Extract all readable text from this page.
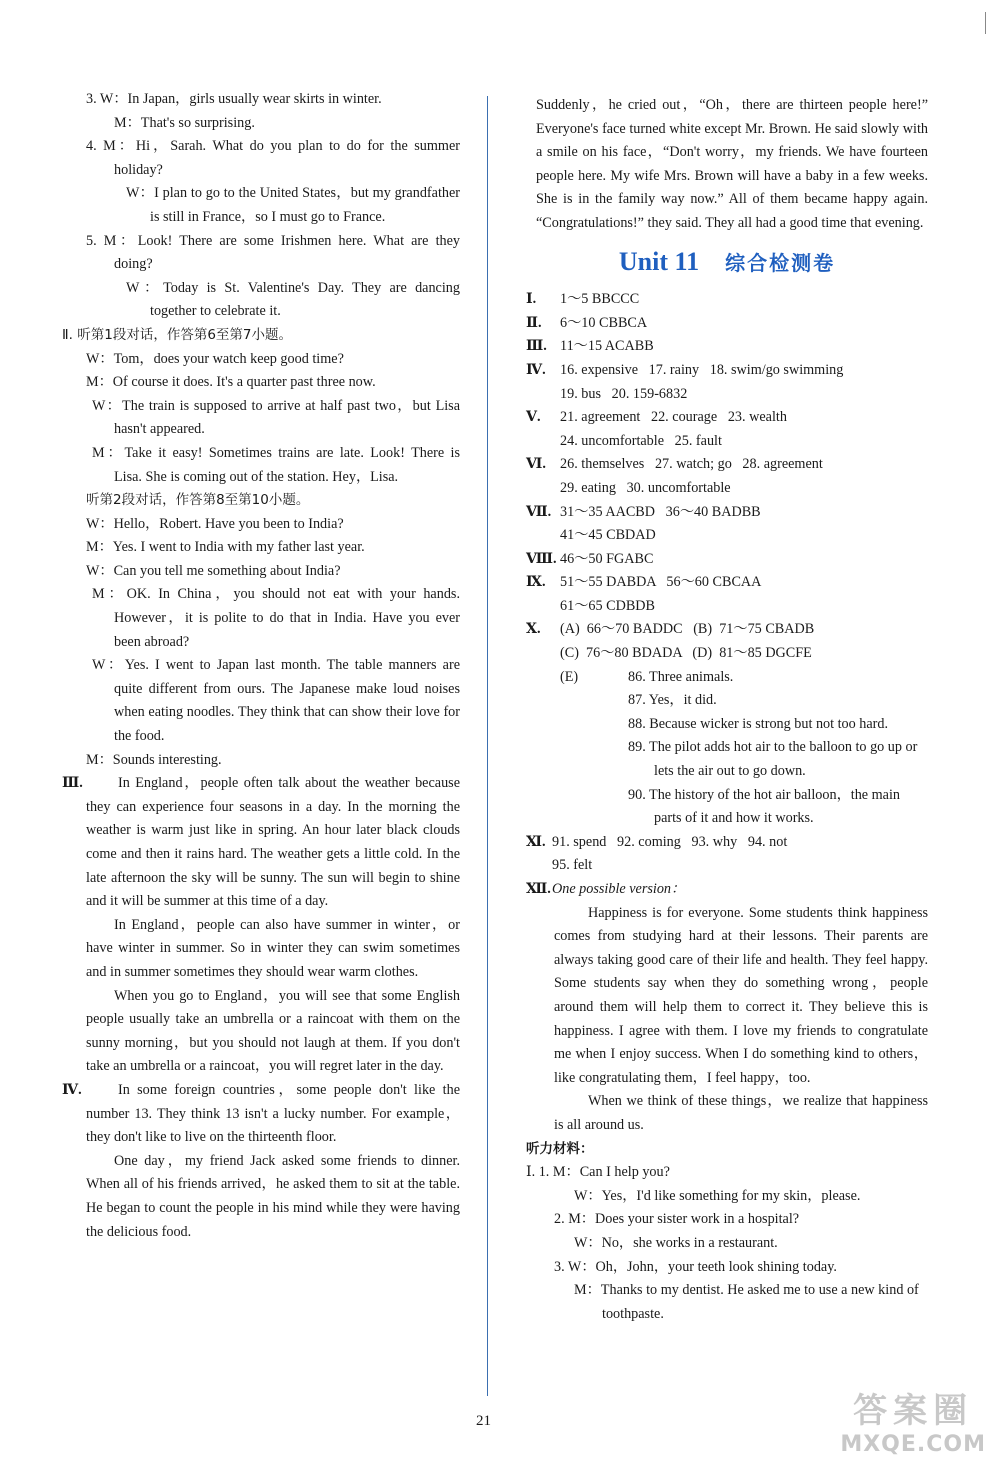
3. W：In Japan，girls usually wear skirts in winter.
M：That's so surprising.
4. M：Hi，Sarah. What do you plan to do for the summer holiday?
W：I plan to go to the United States，but my grandfather is still in France，so I must go to France.
5. M：Look! There are some Irishmen here. What are they doing?
W：Today is St. Valentine's Day. They are dancing together to celebrate it.
Ⅱ. 听第1段对话，作答第6至第7小题。
W：Tom，does your watch keep good time?
M：Of course it does. It's a quarter past three now.
W：The train is supposed to arrive at half past two，but Lisa hasn't appeared.
M：Take it easy! Sometimes trains are late. Look! There is Lisa. She is coming out of the station. Hey，Lisa.
听第2段对话，作答第8至第10小题。
W：Hello，Robert. Have you been to India?
M：Yes. I went to India with my father last year.
W：Can you tell me something about India?
M：OK. In China，you should not eat with your hands. However，it is polite to do that in India. Have you ever been abroad?
W：Yes. I went to Japan last month. The table manners are quite different from ours. The Japanese make loud noises when eating noodles. They think that can show their love for the food.
M：Sounds interesting.
Ⅲ.	In England，people often talk about the weather because they can experience four seasons in a day. In the morning the weather is warm just like in spring. An hour later black clouds come and then it rains hard. The weather gets a little cold. In the late afternoon the sky will be sunny. The sun will begin to shine and it will be summer at this time of a day.
In England，people can also have summer in winter，or have winter in summer. So in winter they can swim sometimes and in summer sometimes they should wear warm clothes.
When you go to England，you will see that some English people usually take an umbrella or a raincoat with them on the sunny morning，but you should not laugh at them. If you don't take an umbrella or a raincoat，you will regret later in the day.
Ⅳ.	In some foreign countries，some people don't like the number 13. They think 13 isn't a lucky number. For example，they don't like to live on the thirteenth floor.
One day，my friend Jack asked some friends to dinner. When all of his friends arrived，he asked them to sit at the table. He began to count the people in his mind while they were having the delicious food.

Suddenly，he cried out，“Oh，there are thirteen people here!” Everyone's face turned white except Mr. Brown. He said slowly with a smile on his face，“Don't worry，my friends. We have fourteen people here. My wife Mrs. Brown will have a baby in a few weeks. She is in the family way now.” All of them became happy again. “Congratulations!” they said. They all had a good time that evening.

Unit 11 综合检测卷
Ⅰ.	1～5 BBCCC
Ⅱ.	6～10 CBBCA
Ⅲ. 11～15 ACABB
Ⅳ.	16. expensive   17. rainy   18. swim/go swimming
19. bus   20. 159-6832
Ⅴ.	21. agreement   22. courage   23. wealth
24. uncomfortable   25. fault
Ⅵ. 26. themselves   27. watch; go   28. agreement
29. eating   30. uncomfortable
Ⅶ. 31～35 AACBD   36～40 BADBB
41～45 CBDAD
Ⅷ. 46～50 FGABC
Ⅸ.	51～55 DABDA   56～60 CBCAA
61～65 CDBDB
Ⅹ.	(A)  66～70 BADDC   (B)  71～75 CBADB
(C)  76～80 BDADA   (D)  81～85 DGCFE
(E)	86. Three animals.
87. Yes，it did.
88. Because wicker is strong but not too hard.
89. The pilot adds hot air to the balloon to go up or lets the air out to go down.
90. The history of the hot air balloon，the main parts of it and how it works.
Ⅺ. 91. spend   92. coming   93. why   94. not
95. felt
Ⅻ. One possible version：
Happiness is for everyone. Some students think happiness comes from studying hard at their lessons. Their parents are always taking good care of their life and health. They feel happy. Some students say when they do something wrong，people around them will help them to correct it. They believe this is happiness. I agree with them. I love my friends to congratulate me when I enjoy success. When I do something kind to others，like congratulating them，I feel happy，too.
When we think of these things，we realize that happiness is all around us.
听力材料：
Ⅰ. 1. M：Can I help you?
W：Yes，I'd like something for my skin，please.
2. M：Does your sister work in a hospital?
W：No，she works in a restaurant.
3. W：Oh，John，your teeth look shining today.
M：Thanks to my dentist. He asked me to use a new kind of toothpaste.
21	答案圈
MXQE.COM
